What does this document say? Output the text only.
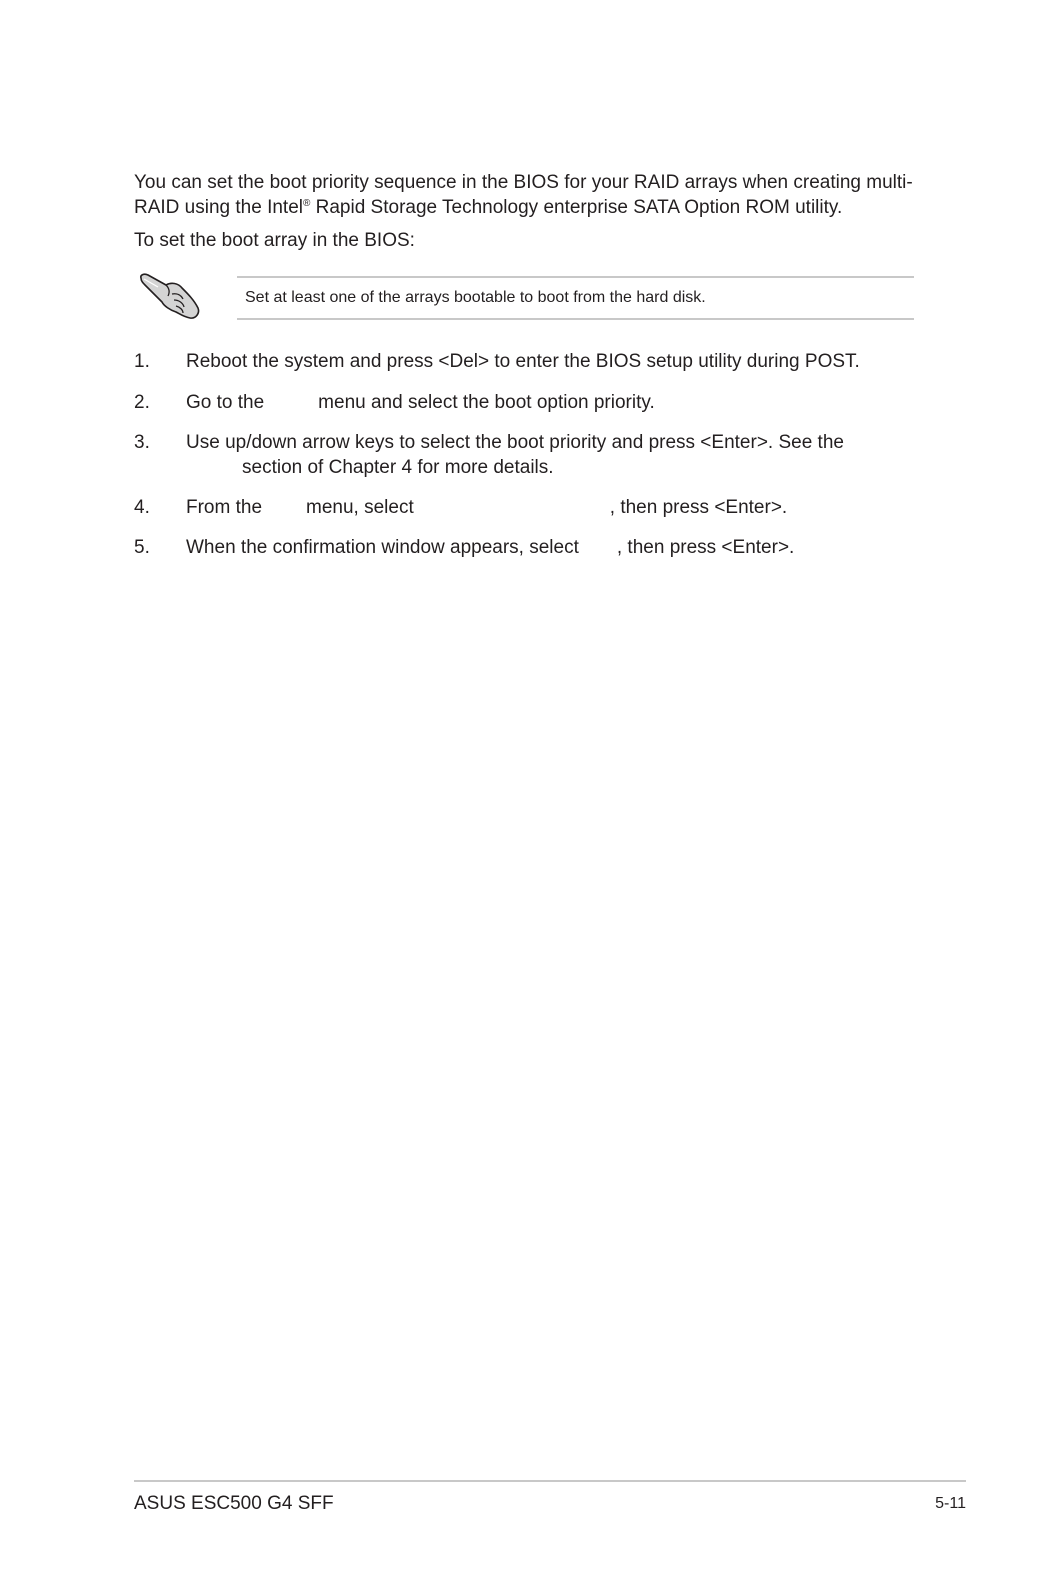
You can set the boot priority sequence in the BIOS for your RAID arrays when creating multi-
RAID using the Intel® Rapid Storage Technology enterprise SATA Option ROM utility.

To set the boot array in the BIOS:

Set at least one of the arrays bootable to boot from the hard disk.
1. Reboot the system and press <Del> to enter the BIOS setup utility during POST.
2. Go to the	menu and select the boot option priority.
3. Use up/down arrow keys to select the boot priority and press <Enter>. See the
section of Chapter 4 for more details.
4. From the menu, select	, then press <Enter>.
5. When the confirmation window appears, select , then press <Enter>.
ASUS ESC500 G4 SFF	5-11
